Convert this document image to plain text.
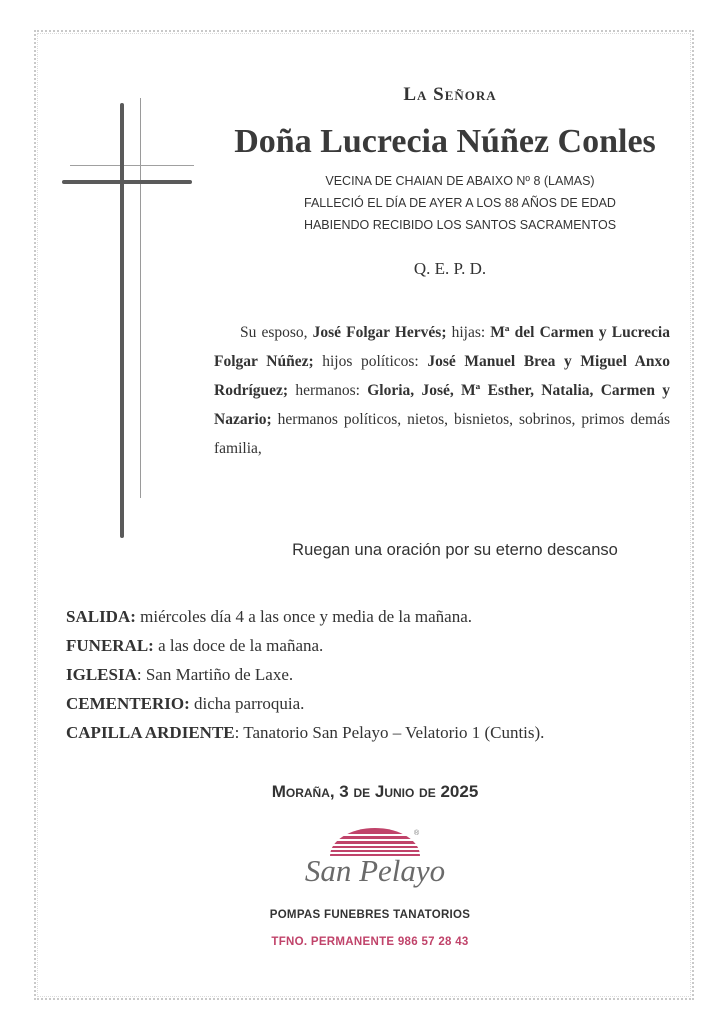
La Señora
Doña Lucrecia Núñez Conles
VECINA DE CHAIAN DE ABAIXO Nº 8 (LAMAS)
FALLECIÓ EL DÍA DE AYER A LOS 88 AÑOS DE EDAD
HABIENDO RECIBIDO LOS SANTOS SACRAMENTOS
Q. E. P. D.
Su esposo, José Folgar Hervés; hijas: Mª del Carmen y Lucrecia Folgar Núñez; hijos políticos: José Manuel Brea y Miguel Anxo Rodríguez; hermanos: Gloria, José, Mª Esther, Natalia, Carmen y Nazario; hermanos políticos, nietos, bisnietos, sobrinos, primos demás familia,
Ruegan una oración por su eterno descanso
SALIDA: miércoles día 4 a las once y media de la mañana.
FUNERAL: a las doce de la mañana.
IGLESIA: San Martiño de Laxe.
CEMENTERIO: dicha parroquia.
CAPILLA ARDIENTE: Tanatorio San Pelayo – Velatorio 1 (Cuntis).
Moraña, 3 de Junio de 2025
®
San Pelayo
POMPAS FUNEBRES TANATORIOS
TFNO. PERMANENTE 986 57 28 43
